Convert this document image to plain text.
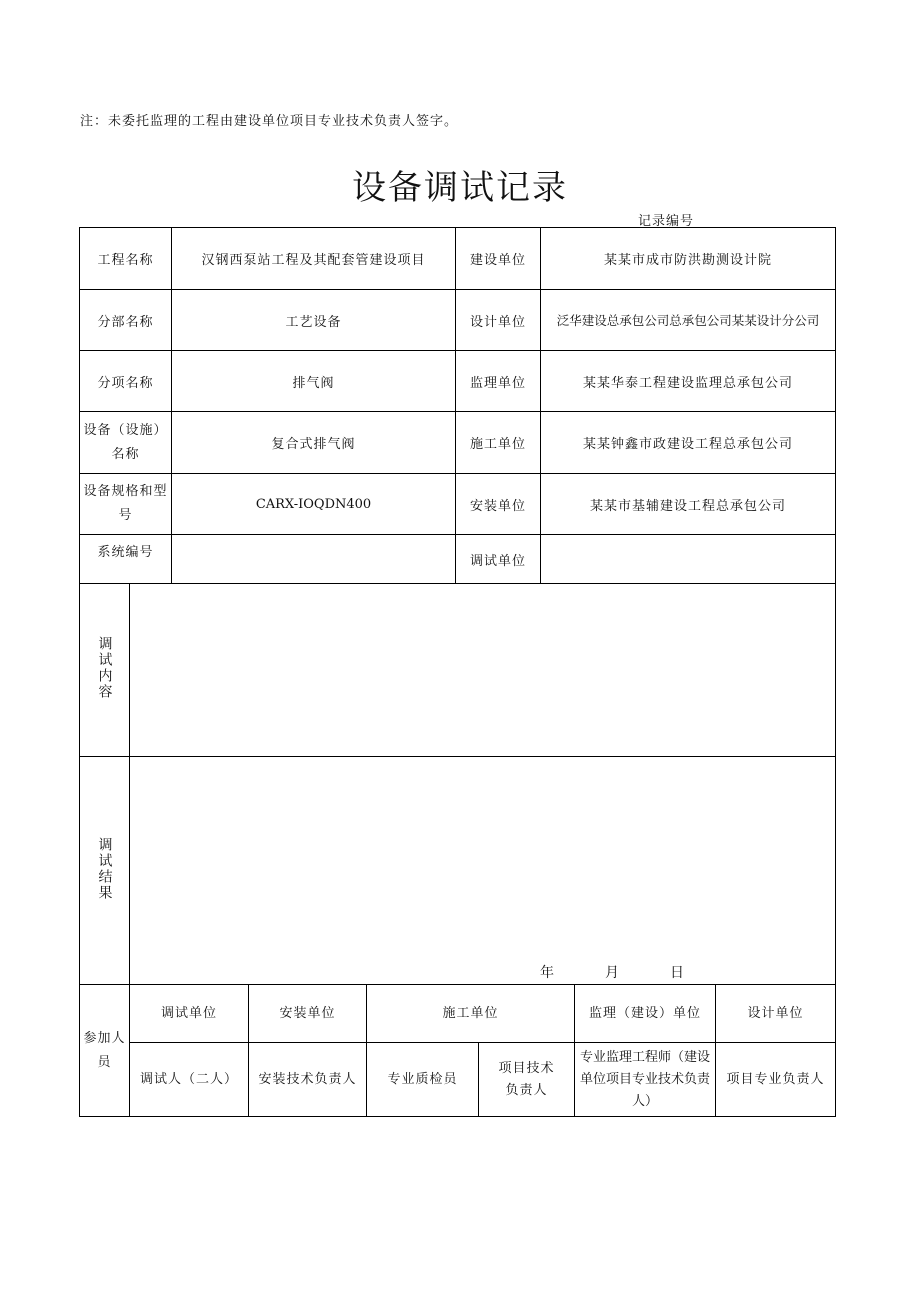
注：未委托监理的工程由建设单位项目专业技术负责人签字。
设备调试记录
记录编号
工程名称	汉钢西泵站工程及其配套管建设项目	建设单位	某某市成市防洪勘测设计院
分部名称	工艺设备	设计单位	泛华建设总承包公司总承包公司某某设计分公司
分项名称	排气阀	监理单位	某某华泰工程建设监理总承包公司
设备（设施）名称	复合式排气阀	施工单位	某某钟鑫市政建设工程总承包公司
设备规格和型号	CARX-IOQDN400	安装单位	某某市基辅建设工程总承包公司
系统编号		调试单位	
调试内容	
调试结果	年 月 日
参加人员	调试单位	安装单位	施工单位		监理（建设）单位	设计单位
	调试人（二人）	安装技术负责人	专业质检员	项目技术负责人	专业监理工程师（建设单位项目专业技术负责人）	项目专业负责人
